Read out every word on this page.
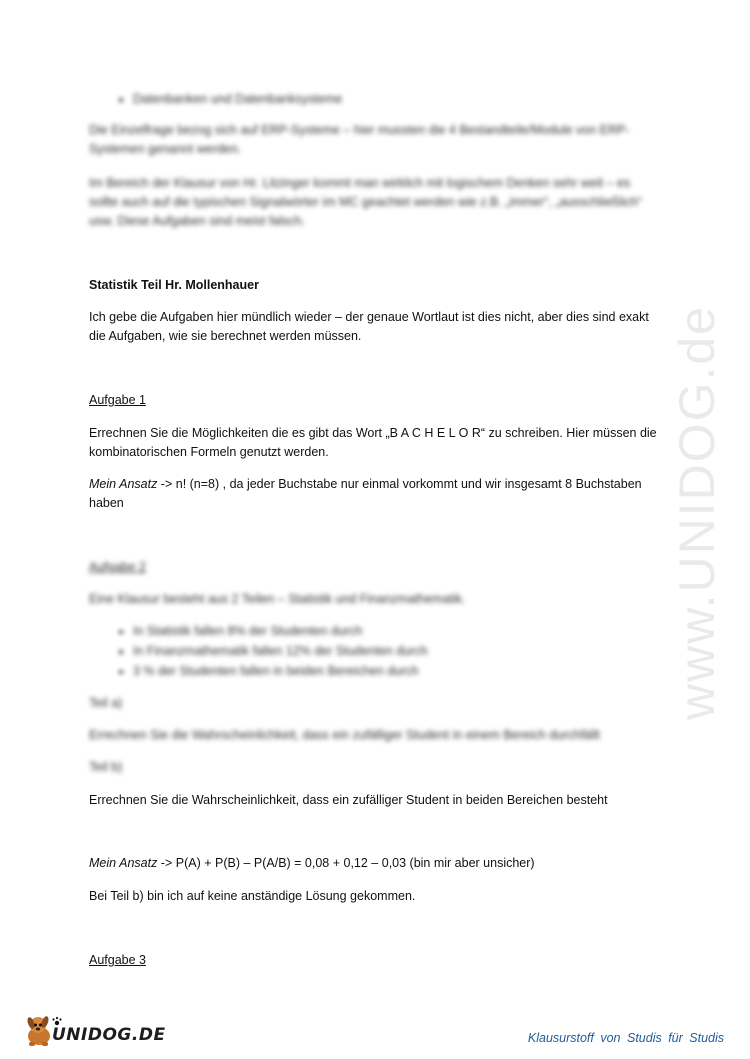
• Datenbanken und Datenbanksysteme

Die Einzelfrage bezog sich auf ERP-Systeme – hier mussten die 4 Bestandteile/Module von ERP-Systemen genannt werden.

Im Bereich der Klausur von Hr. Litzinger kommt man wirklich mit logischem Denken sehr weit – es sollte auch auf die typischen Signalwörter im MC geachtet werden wie z.B. „immer“, „ausschließlich“ usw. Diese Aufgaben sind meist falsch.

Statistik Teil Hr. Mollenhauer

Ich gebe die Aufgaben hier mündlich wieder – der genaue Wortlaut ist dies nicht, aber dies sind exakt die Aufgaben, wie sie berechnet werden müssen.

Aufgabe 1

Errechnen Sie die Möglichkeiten die es gibt das Wort „B A C H E L O R“ zu schreiben. Hier müssen die kombinatorischen Formeln genutzt werden.

Mein Ansatz -> n! (n=8) , da jeder Buchstabe nur einmal vorkommt und wir insgesamt 8 Buchstaben haben

Aufgabe 2

Eine Klausur besteht aus 2 Teilen – Statistik und Finanzmathematik.

• In Statistik fallen 8% der Studenten durch
• In Finanzmathematik fallen 12% der Studenten durch
• 3 % der Studenten fallen in beiden Bereichen durch

Teil a)

Errechnen Sie die Wahrscheinlichkeit, dass ein zufälliger Student in einem Bereich durchfällt

Teil b)

Errechnen Sie die Wahrscheinlichkeit, dass ein zufälliger Student in beiden Bereichen besteht

Mein Ansatz -> P(A) + P(B) – P(A/B) = 0,08 + 0,12 – 0,03 (bin mir aber unsicher)

Bei Teil b) bin ich auf keine anständige Lösung gekommen.

Aufgabe 3

www.UNIDOG.de
UNIDOG.DE	Klausurstoff von Studis für Studis
